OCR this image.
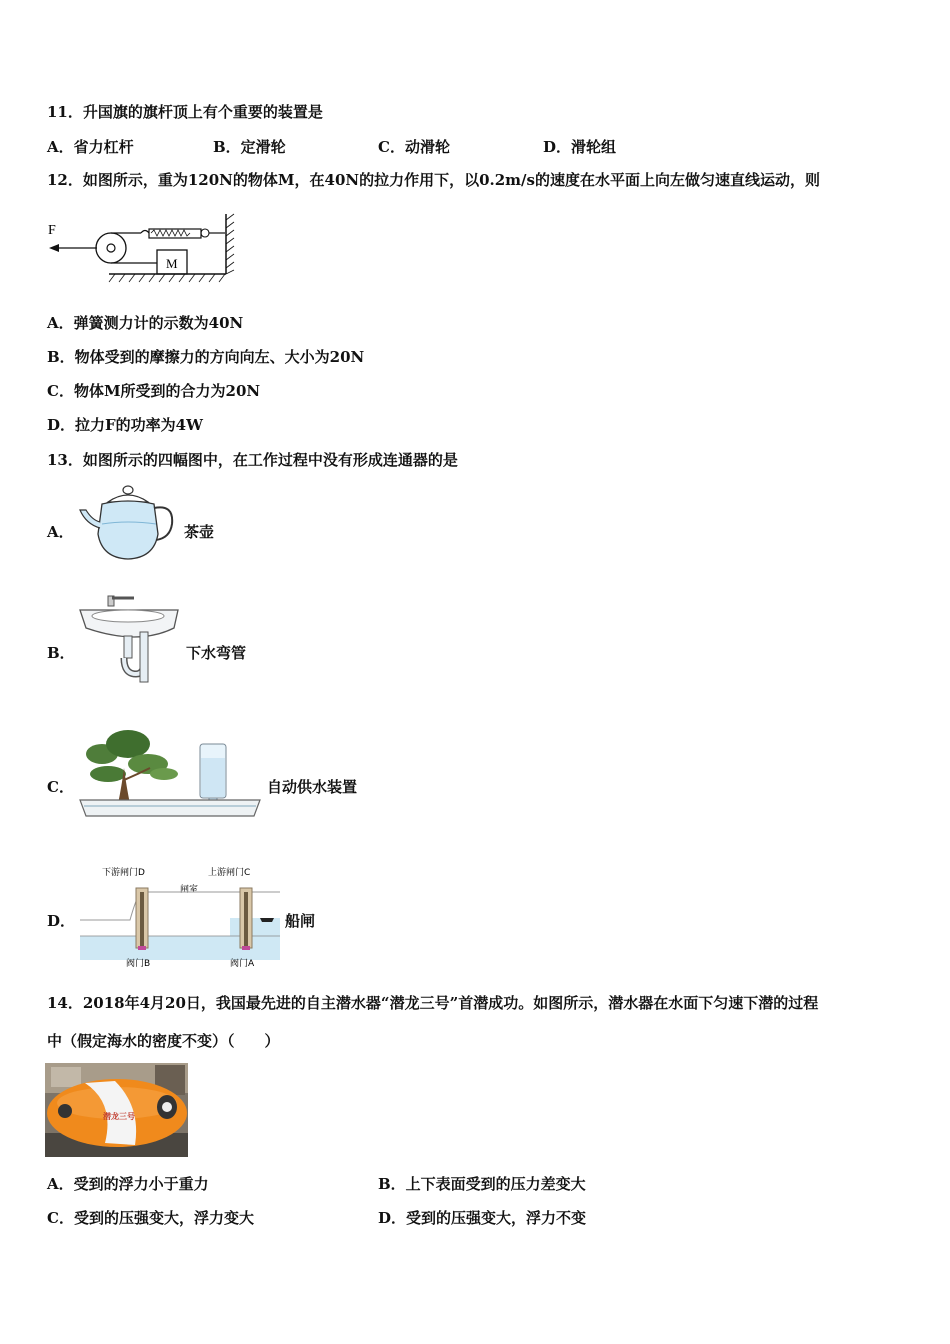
11．升国旗的旗杆顶上有个重要的装置是
A．省力杠杆	B．定滑轮	C．动滑轮	D．滑轮组
12．如图所示，重为120N的物体M，在40N的拉力作用下，以0.2m/s的速度在水平面上向左做匀速直线运动，则
F
M
A．弹簧测力计的示数为40N
B．物体受到的摩擦力的方向向左、大小为20N
C．物体M所受到的合力为20N
D．拉力F的功率为4W
13．如图所示的四幅图中，在工作过程中没有形成连通器的是
A．	茶壶
B．	下水弯管
C．	自动供水装置
D．
下游闸门D	上游闸门C
闸室
阀门B	阀门A
船闸
14．2018年4月20日，我国最先进的自主潜水器“潜龙三号”首潜成功。如图所示，潜水器在水面下匀速下潜的过程
中（假定海水的密度不变）（　　）
潜龙三号
A．受到的浮力小于重力	B．上下表面受到的压力差变大
C．受到的压强变大，浮力变大	D．受到的压强变大，浮力不变
